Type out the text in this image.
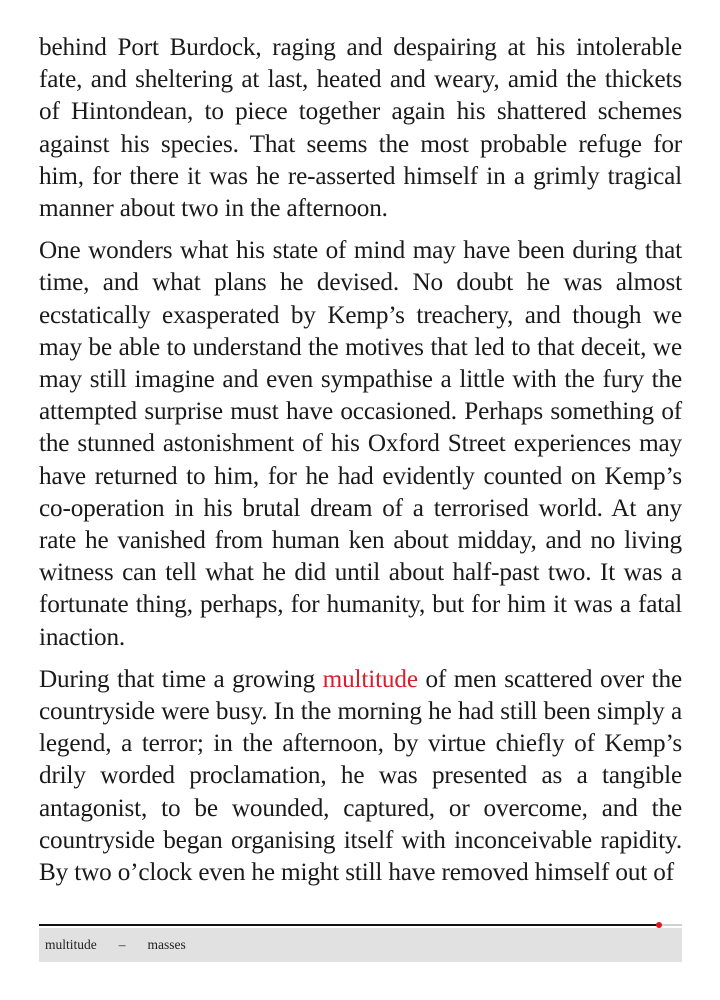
behind Port Burdock, raging and despairing at his intolerable fate, and sheltering at last, heated and weary, amid the thickets of Hintondean, to piece together again his shattered schemes against his species. That seems the most probable refuge for him, for there it was he re-asserted himself in a grimly tragical manner about two in the afternoon.

One wonders what his state of mind may have been during that time, and what plans he devised. No doubt he was almost ecstatically exasperated by Kemp’s treachery, and though we may be able to understand the motives that led to that deceit, we may still imagine and even sympathise a little with the fury the attempted surprise must have occasioned. Perhaps something of the stunned astonishment of his Oxford Street experiences may have returned to him, for he had evidently counted on Kemp’s co-operation in his brutal dream of a terrorised world. At any rate he vanished from human ken about midday, and no living witness can tell what he did until about half-past two. It was a fortunate thing, perhaps, for humanity, but for him it was a fatal inaction.

During that time a growing multitude of men scattered over the countryside were busy. In the morning he had still been simply a legend, a terror; in the afternoon, by virtue chiefly of Kemp’s drily worded proclamation, he was presented as a tangible antagonist, to be wounded, captured, or overcome, and the countryside began organising itself with inconceivable rapidity. By two o’clock even he might still have removed himself out of

multitude – masses
